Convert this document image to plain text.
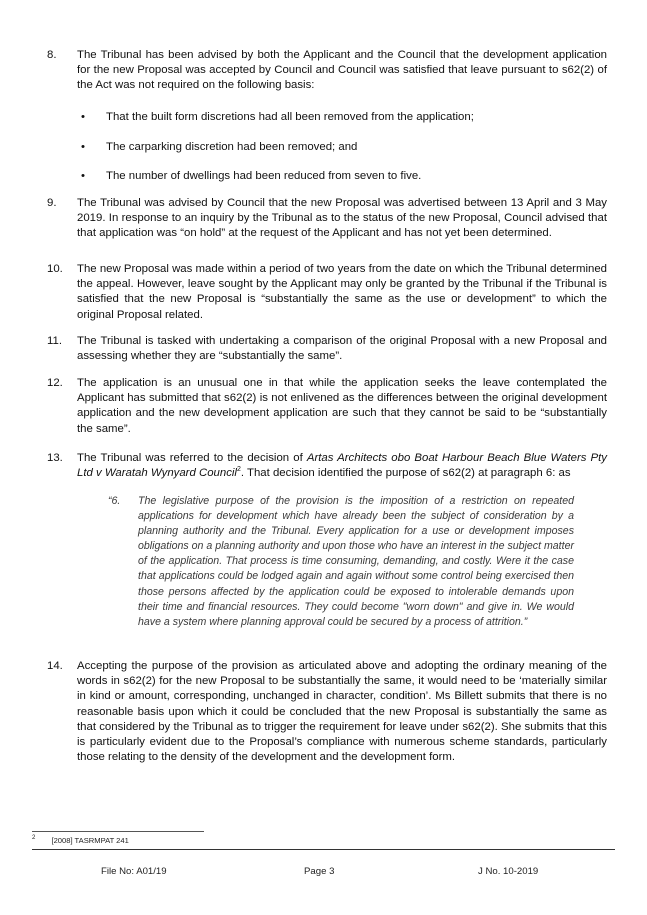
8. The Tribunal has been advised by both the Applicant and the Council that the development application for the new Proposal was accepted by Council and Council was satisfied that leave pursuant to s62(2) of the Act was not required on the following basis:

• That the built form discretions had all been removed from the application;
• The carparking discretion had been removed; and
• The number of dwellings had been reduced from seven to five.
9. The Tribunal was advised by Council that the new Proposal was advertised between 13 April and 3 May 2019. In response to an inquiry by the Tribunal as to the status of the new Proposal, Council advised that that application was “on hold” at the request of the Applicant and has not yet been determined.

10. The new Proposal was made within a period of two years from the date on which the Tribunal determined the appeal. However, leave sought by the Applicant may only be granted by the Tribunal if the Tribunal is satisfied that the new Proposal is “substantially the same as the use or development” to which the original Proposal related.

11. The Tribunal is tasked with undertaking a comparison of the original Proposal with a new Proposal and assessing whether they are “substantially the same”.

12. The application is an unusual one in that while the application seeks the leave contemplated the Applicant has submitted that s62(2) is not enlivened as the differences between the original development application and the new development application are such that they cannot be said to be “substantially the same”.

13. The Tribunal was referred to the decision of Artas Architects obo Boat Harbour Beach Blue Waters Pty Ltd v Waratah Wynyard Council$^2$. That decision identified the purpose of s62(2) at paragraph 6: as

“6. The legislative purpose of the provision is the imposition of a restriction on repeated applications for development which have already been the subject of consideration by a planning authority and the Tribunal. Every application for a use or development imposes obligations on a planning authority and upon those who have an interest in the subject matter of the application. That process is time consuming, demanding, and costly. Were it the case that applications could be lodged again and again without some control being exercised then those persons affected by the application could be exposed to intolerable demands upon their time and financial resources. They could become "worn down" and give in. We would have a system where planning approval could be secured by a process of attrition.”
14. Accepting the purpose of the provision as articulated above and adopting the ordinary meaning of the words in s62(2) for the new Proposal to be substantially the same, it would need to be ‘materially similar in kind or amount, corresponding, unchanged in character, condition’. Ms Billett submits that there is no reasonable basis upon which it could be concluded that the new Proposal is substantially the same as that considered by the Tribunal as to trigger the requirement for leave under s62(2). She submits that this is particularly evident due to the Proposal’s compliance with numerous scheme standards, particularly those relating to the density of the development and the development form.

$^2$ [2008] TASRMPAT 241
File No: A01/19	Page 3	J No. 10-2019
